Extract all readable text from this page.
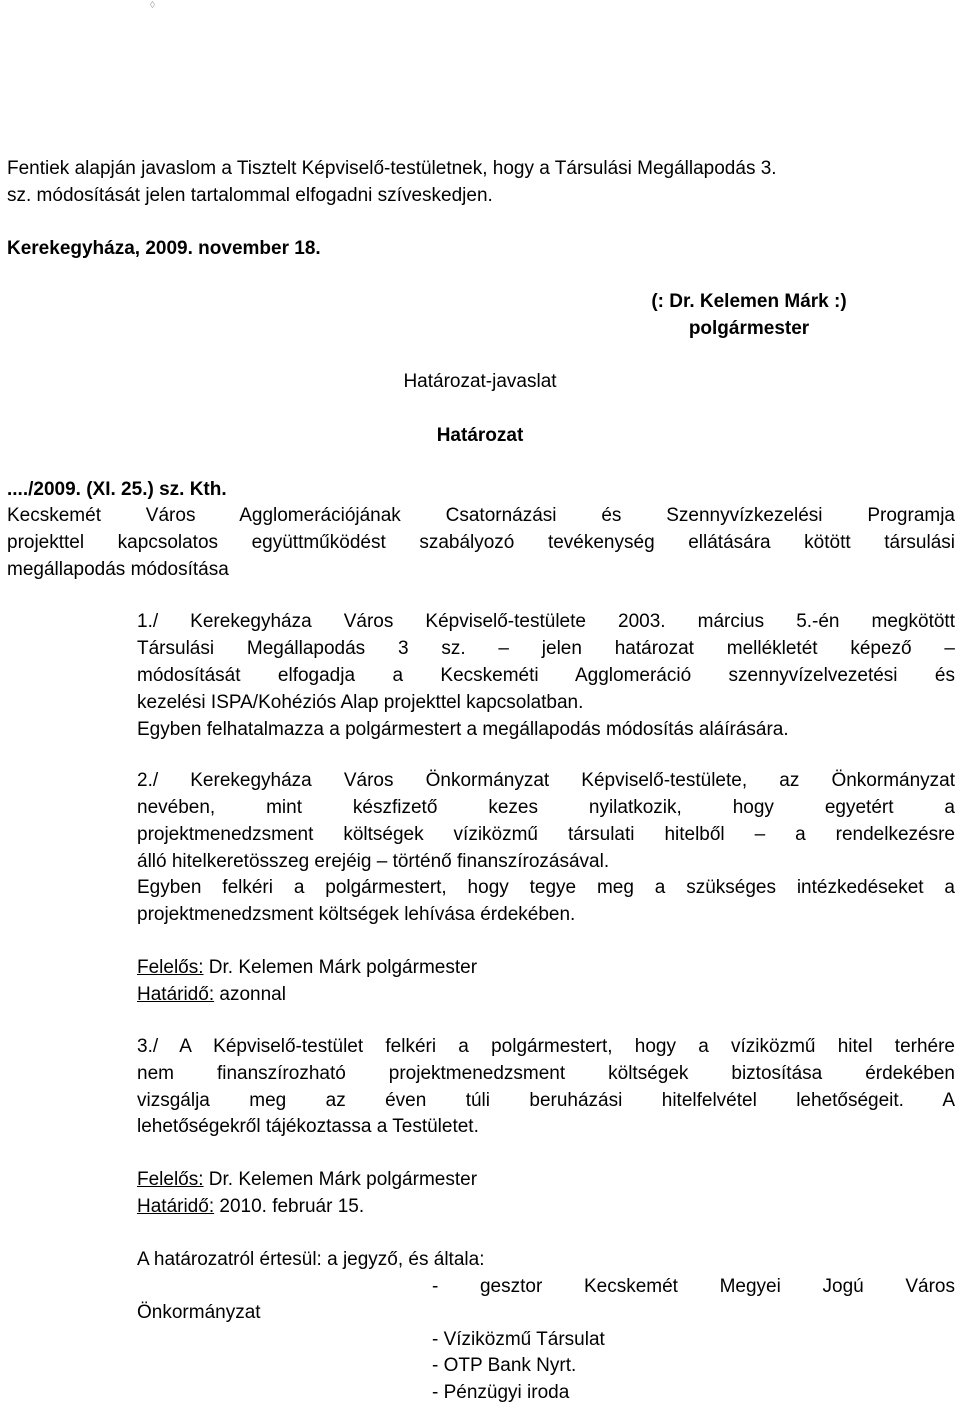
◊
Fentiek alapján javaslom a Tisztelt Képviselő-testületnek, hogy a Társulási Megállapodás 3.
sz. módosítását jelen tartalommal elfogadni szíveskedjen.
Kerekegyháza, 2009. november 18.
(: Dr. Kelemen Márk :)
polgármester
Határozat-javaslat
Határozat
..../2009. (XI. 25.) sz. Kth.
Kecskemét Város Agglomerációjának Csatornázási és Szennyvízkezelési Programja
projekttel kapcsolatos együttműködést szabályozó tevékenység ellátására kötött társulási
megállapodás módosítása
1./ Kerekegyháza Város Képviselő-testülete 2003. március 5.-én megkötött
Társulási Megállapodás 3 sz. – jelen határozat mellékletét képező –
módosítását elfogadja a Kecskeméti Agglomeráció szennyvízelvezetési és
kezelési ISPA/Kohéziós Alap projekttel kapcsolatban.
Egyben felhatalmazza a polgármestert a megállapodás módosítás aláírására.
2./ Kerekegyháza Város Önkormányzat Képviselő-testülete, az Önkormányzat
nevében, mint készfizető kezes nyilatkozik, hogy egyetért a
projektmenedzsment költségek víziközmű társulati hitelből – a rendelkezésre
álló hitelkeretösszeg erejéig – történő finanszírozásával.
Egyben felkéri a polgármestert, hogy tegye meg a szükséges intézkedéseket a
projektmenedzsment költségek lehívása érdekében.
Felelős: Dr. Kelemen Márk polgármester
Határidő: azonnal
3./ A Képviselő-testület felkéri a polgármestert, hogy a víziközmű hitel terhére
nem finanszírozható projektmenedzsment költségek biztosítása érdekében
vizsgálja meg az éven túli beruházási hitelfelvétel lehetőségeit. A
lehetőségekről tájékoztassa a Testületet.
Felelős: Dr. Kelemen Márk polgármester
Határidő: 2010. február 15.
A határozatról értesül: a jegyző, és általa:
- gesztor Kecskemét Megyei Jogú Város
Önkormányzat
- Víziközmű Társulat
- OTP Bank Nyrt.
- Pénzügyi iroda
